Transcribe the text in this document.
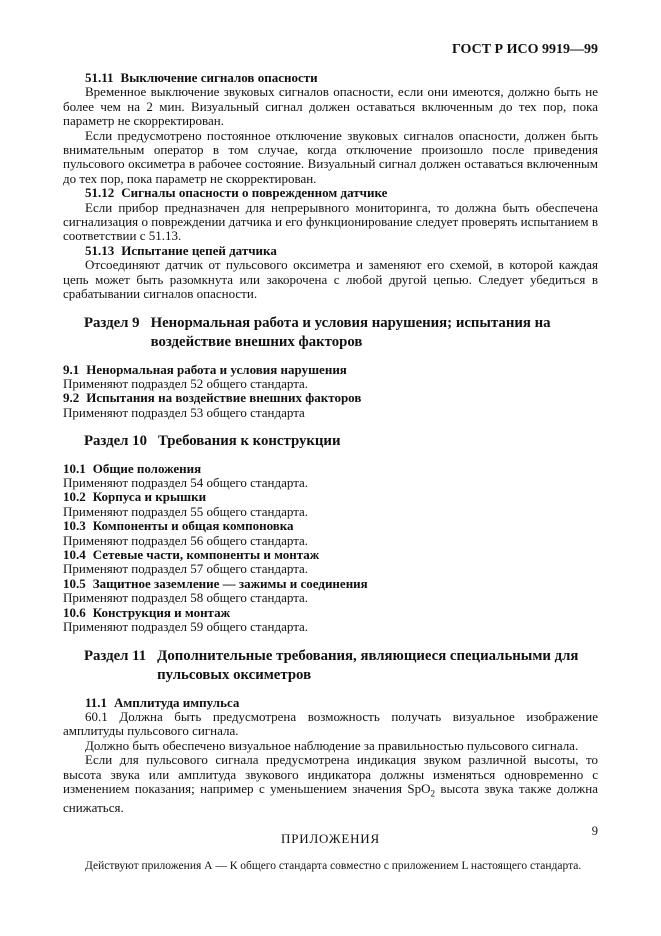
ГОСТ Р ИСО 9919—99

51.11 Выключение сигналов опасности

Временное выключение звуковых сигналов опасности, если они имеются, должно быть не более чем на 2 мин. Визуальный сигнал должен оставаться включенным до тех пор, пока параметр не скорректирован.

Если предусмотрено постоянное отключение звуковых сигналов опасности, должен быть внимательным оператор в том случае, когда отключение произошло после приведения пульсового оксиметра в рабочее состояние. Визуальный сигнал должен оставаться включенным до тех пор, пока параметр не скорректирован.

51.12 Сигналы опасности о поврежденном датчике

Если прибор предназначен для непрерывного мониторинга, то должна быть обеспечена сигнализация о повреждении датчика и его функционирование следует проверять испытанием в соответствии с 51.13.

51.13 Испытание цепей датчика

Отсоединяют датчик от пульсового оксиметра и заменяют его схемой, в которой каждая цепь может быть разомкнута или закорочена с любой другой цепью. Следует убедиться в срабатывании сигналов опасности.

Раздел 9 Ненормальная работа и условия нарушения; испытания на воздействие внешних факторов

9.1 Ненормальная работа и условия нарушения

Применяют подраздел 52 общего стандарта.

9.2 Испытания на воздействие внешних факторов

Применяют подраздел 53 общего стандарта

Раздел 10 Требования к конструкции

10.1 Общие положения

Применяют подраздел 54 общего стандарта.

10.2 Корпуса и крышки

Применяют подраздел 55 общего стандарта.

10.3 Компоненты и общая компоновка

Применяют подраздел 56 общего стандарта.

10.4 Сетевые части, компоненты и монтаж

Применяют подраздел 57 общего стандарта.

10.5 Защитное заземление — зажимы и соединения

Применяют подраздел 58 общего стандарта.

10.6 Конструкция и монтаж

Применяют подраздел 59 общего стандарта.

Раздел 11 Дополнительные требования, являющиеся специальными для пульсовых оксиметров

11.1 Амплитуда импульса

60.1 Должна быть предусмотрена возможность получать визуальное изображение амплитуды пульсового сигнала.

Должно быть обеспечено визуальное наблюдение за правильностью пульсового сигнала.

Если для пульсового сигнала предусмотрена индикация звуком различной высоты, то высота звука или амплитуда звукового индикатора должны изменяться одновременно с изменением показания; например с уменьшением значения SpO$_2$ высота звука также должна снижаться.

ПРИЛОЖЕНИЯ

Действуют приложения А — К общего стандарта совместно с приложением L настоящего стандарта.

9
